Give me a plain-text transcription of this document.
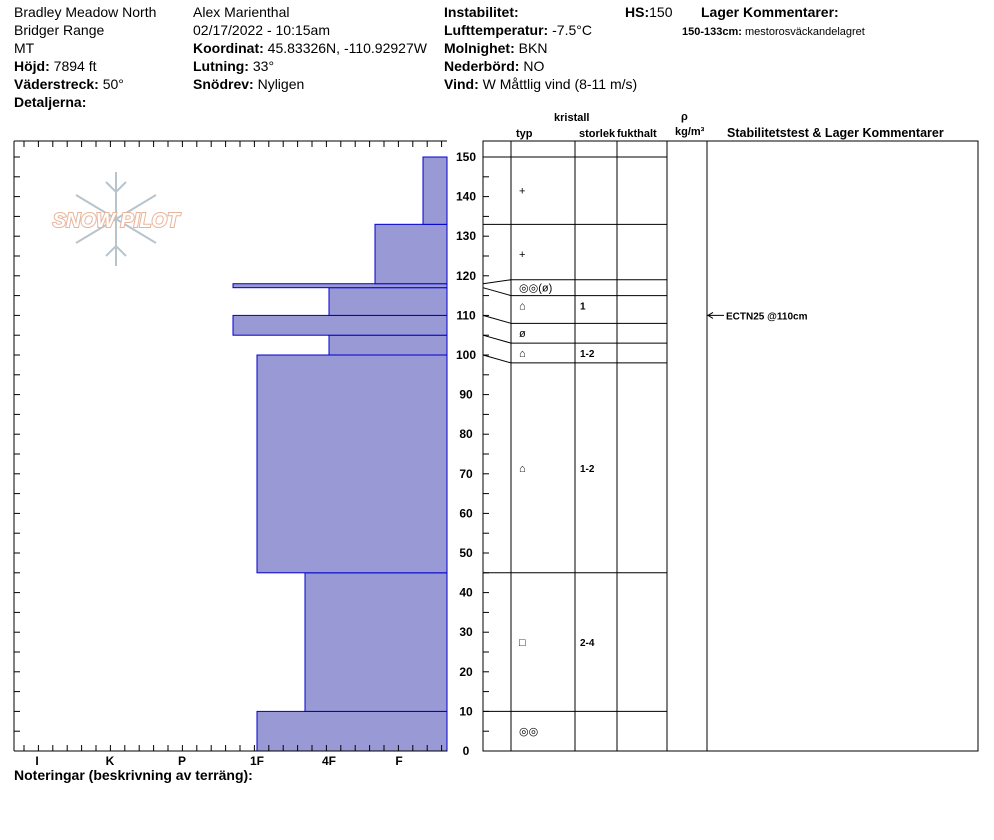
Bradley Meadow North
Bridger Range
MT
Höjd: 7894 ft
Väderstreck: 50°
Detaljerna:
Alex Marienthal
02/17/2022 - 10:15am
Koordinat: 45.83326N, -110.92927W
Lutning: 33°
Snödrev: Nyligen
Instabilitet:
Lufttemperatur: -7.5°C
Molnighet: BKN
Nederbörd: NO
Vind: W Måttlig vind (8-11 m/s)
HS:150 Lager Kommentarer:
150-133cm: mestorosväckandelagret
kristall
typ	storlek fukthalt
ρ
kg/m³ Stabilitetstest & Lager Kommentarer
Noteringar (beskrivning av terräng):
SNOW PILOT
I	K	P	1F	4F	F
0
10
20
30
40
50
60
70
80
90
100
110
120
130
140
150
+
+
◎◎(ø)
⌂	1
ø
⌂	1-2
⌂	1-2
□	2-4
◎◎
ECTN25 @110cm
